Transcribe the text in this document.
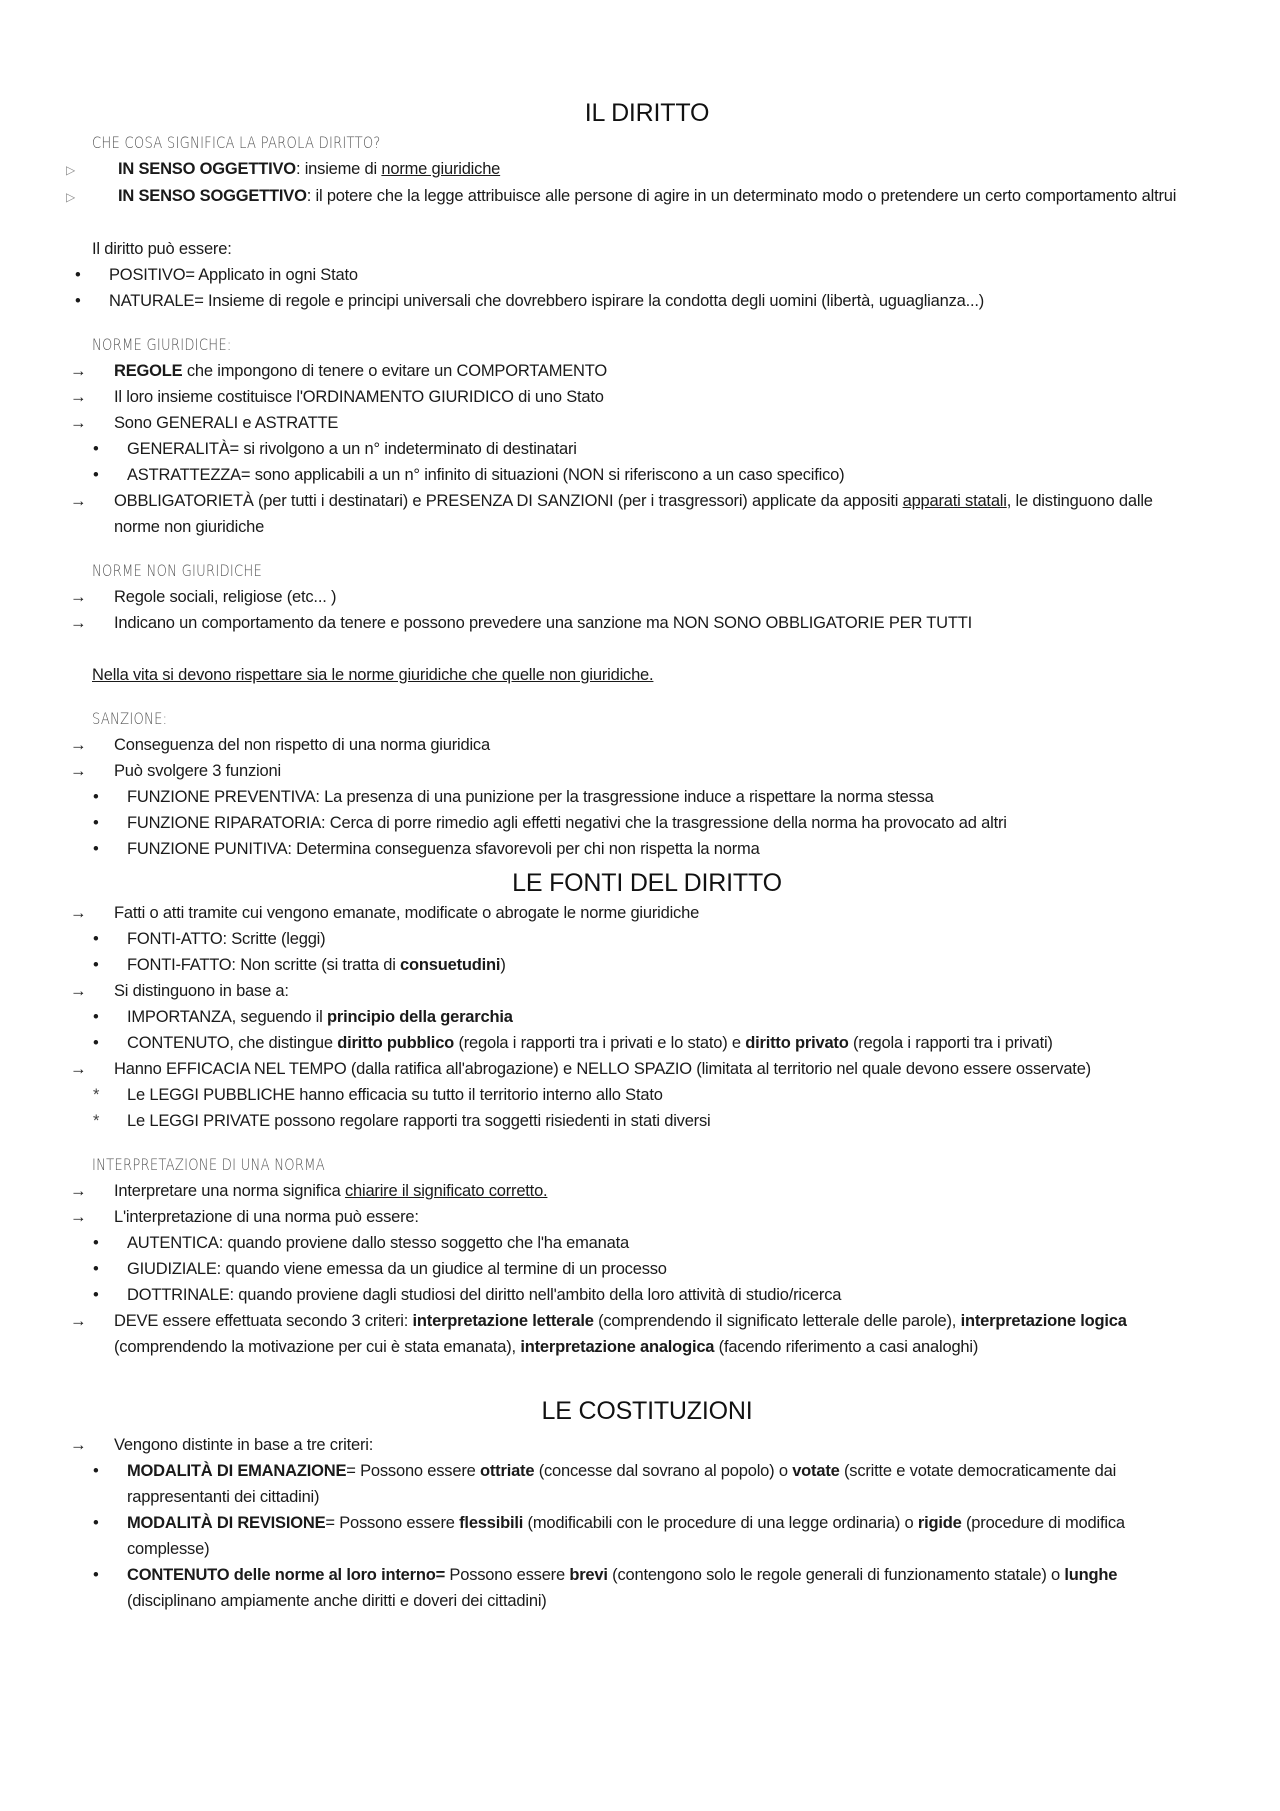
IL DIRITTO
CHE COSA SIGNIFICA LA PAROLA DIRITTO?

▷	IN SENSO OGGETTIVO: insieme di norme giuridiche

▷	IN SENSO SOGGETTIVO: il potere che la legge attribuisce alle persone di agire in un determinato modo o pretendere un certo comportamento altrui

Il diritto può essere:

• POSITIVO= Applicato in ogni Stato

• NATURALE= Insieme di regole e principi universali che dovrebbero ispirare la condotta degli uomini (libertà, uguaglianza...)

NORME GIURIDICHE:

→ REGOLE che impongono di tenere o evitare un COMPORTAMENTO

→ Il loro insieme costituisce l'ORDINAMENTO GIURIDICO di uno Stato

→ Sono GENERALI e ASTRATTE

• GENERALITÀ= si rivolgono a un n° indeterminato di destinatari

• ASTRATTEZZA= sono applicabili a un n° infinito di situazioni (NON si riferiscono a un caso specifico)

→ OBBLIGATORIETÀ (per tutti i destinatari) e PRESENZA DI SANZIONI (per i trasgressori) applicate da appositi apparati statali, le distinguono dalle norme non giuridiche

NORME NON GIURIDICHE

→ Regole sociali, religiose (etc... )

→ Indicano un comportamento da tenere e possono prevedere una sanzione ma NON SONO OBBLIGATORIE PER TUTTI

Nella vita si devono rispettare sia le norme giuridiche che quelle non giuridiche.

SANZIONE:

→ Conseguenza del non rispetto di una norma giuridica

→ Può svolgere 3 funzioni

• FUNZIONE PREVENTIVA: La presenza di una punizione per la trasgressione induce a rispettare la norma stessa

• FUNZIONE RIPARATORIA: Cerca di porre rimedio agli effetti negativi che la trasgressione della norma ha provocato ad altri

• FUNZIONE PUNITIVA: Determina conseguenza sfavorevoli per chi non rispetta la norma

LE FONTI DEL DIRITTO

→ Fatti o atti tramite cui vengono emanate, modificate o abrogate le norme giuridiche

• FONTI-ATTO: Scritte (leggi)

• FONTI-FATTO: Non scritte (si tratta di consuetudini)

→ Si distinguono in base a:

• IMPORTANZA, seguendo il principio della gerarchia

• CONTENUTO, che distingue diritto pubblico (regola i rapporti tra i privati e lo stato) e diritto privato (regola i rapporti tra i privati)

→ Hanno EFFICACIA NEL TEMPO (dalla ratifica all'abrogazione) e NELLO SPAZIO (limitata al territorio nel quale devono essere osservate)

* Le LEGGI PUBBLICHE hanno efficacia su tutto il territorio interno allo Stato

* Le LEGGI PRIVATE possono regolare rapporti tra soggetti risiedenti in stati diversi

INTERPRETAZIONE DI UNA NORMA

→ Interpretare una norma significa chiarire il significato corretto.

→ L'interpretazione di una norma può essere:

• AUTENTICA: quando proviene dallo stesso soggetto che l'ha emanata

• GIUDIZIALE: quando viene emessa da un giudice al termine di un processo

• DOTTRINALE: quando proviene dagli studiosi del diritto nell'ambito della loro attività di studio/ricerca

→ DEVE essere effettuata secondo 3 criteri: interpretazione letterale (comprendendo il significato letterale delle parole), interpretazione logica (comprendendo la motivazione per cui è stata emanata), interpretazione analogica (facendo riferimento a casi analoghi)

LE COSTITUZIONI

→ Vengono distinte in base a tre criteri:

• MODALITÀ DI EMANAZIONE= Possono essere ottriate (concesse dal sovrano al popolo) o votate (scritte e votate democraticamente dai rappresentanti dei cittadini)

• MODALITÀ DI REVISIONE= Possono essere flessibili (modificabili con le procedure di una legge ordinaria) o rigide (procedure di modifica complesse)

• CONTENUTO delle norme al loro interno= Possono essere brevi (contengono solo le regole generali di funzionamento statale) o lunghe (disciplinano ampiamente anche diritti e doveri dei cittadini)
